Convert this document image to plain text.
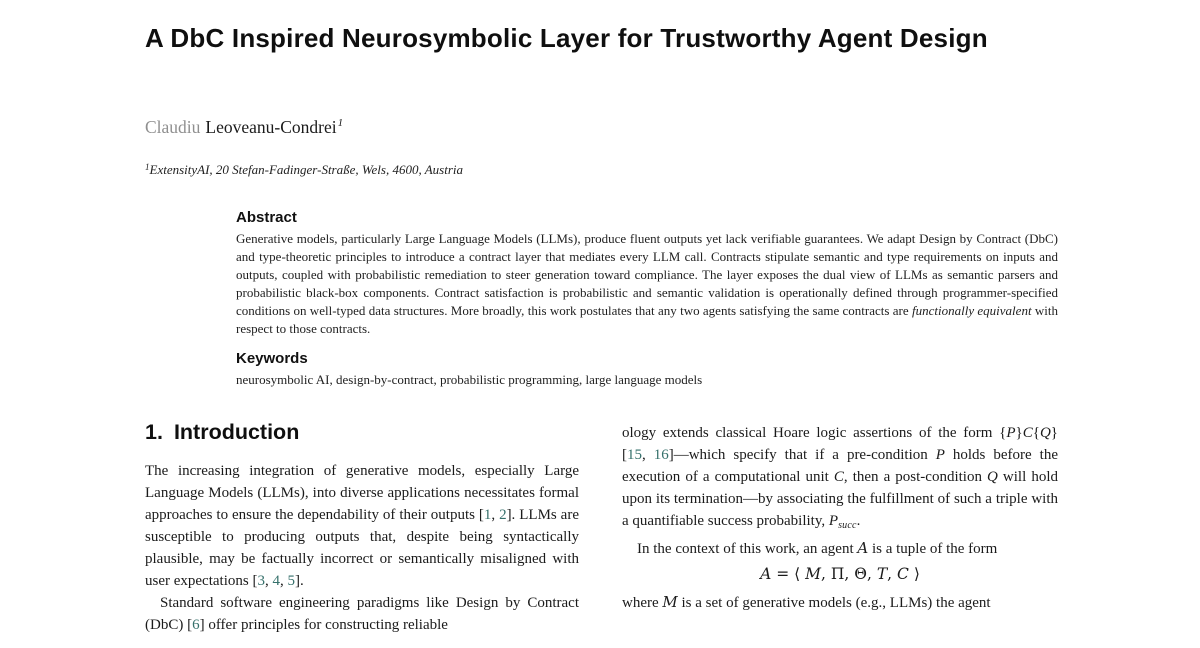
A DbC Inspired Neurosymbolic Layer for Trustworthy Agent Design
Claudiu Leoveanu-Condrei$^1$
$^1$ExtensityAI, 20 Stefan-Fadinger-Straße, Wels, 4600, Austria
Abstract

Generative models, particularly Large Language Models (LLMs), produce fluent outputs yet lack verifiable guarantees. We adapt Design by Contract (DbC) and type-theoretic principles to introduce a contract layer that mediates every LLM call. Contracts stipulate semantic and type requirements on inputs and outputs, coupled with probabilistic remediation to steer generation toward compliance. The layer exposes the dual view of LLMs as semantic parsers and probabilistic black-box components. Contract satisfaction is probabilistic and semantic validation is operationally defined through programmer-specified conditions on well-typed data structures. More broadly, this work postulates that any two agents satisfying the same contracts are functionally equivalent with respect to those contracts.

Keywords

neurosymbolic AI, design-by-contract, probabilistic programming, large language models

1. Introduction

The increasing integration of generative models, especially Large Language Models (LLMs), into diverse applications necessitates formal approaches to ensure the dependability of their outputs [1, 2]. LLMs are susceptible to producing outputs that, despite being syntactically plausible, may be factually incorrect or semantically misaligned with user expectations [3, 4, 5].

Standard software engineering paradigms like Design by Contract (DbC) [6] offer principles for constructing reliable

ology extends classical Hoare logic assertions of the form {P}C{Q} [15, 16]—which specify that if a pre-condition P holds before the execution of a computational unit C, then a post-condition Q will hold upon its termination—by associating the fulfillment of such a triple with a quantifiable success probability, $P_{succ}$.

In the context of this work, an agent A is a tuple of the form

A = ⟨ M, Π, Θ, T, C ⟩

where M is a set of generative models (e.g., LLMs) the agent
